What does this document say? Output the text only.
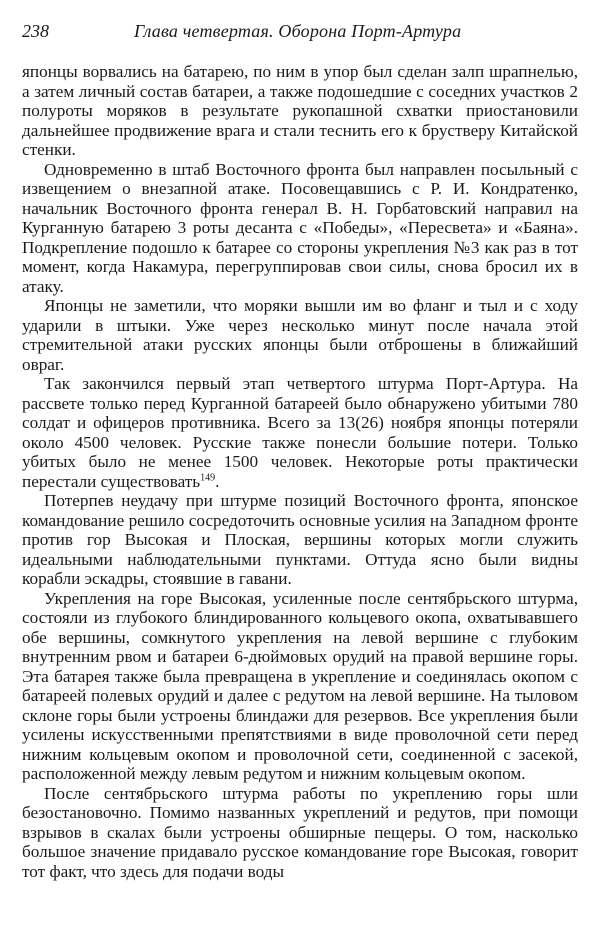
238	Глава четвертая. Оборона Порт-Артура

японцы ворвались на батарею, по ним в упор был сделан залп шрапнелью, а затем личный состав батареи, а также подошедшие с соседних участков 2 полуроты моряков в результате рукопашной схватки приостановили дальнейшее продвижение врага и стали теснить его к брустверу Китайской стенки.

Одновременно в штаб Восточного фронта был направлен посыльный с извещением о внезапной атаке. Посовещавшись с Р. И. Кондратенко, начальник Восточного фронта генерал В. Н. Горбатовский направил на Курганную батарею 3 роты десанта с «Победы», «Пересвета» и «Баяна». Подкрепление подошло к батарее со стороны укрепления №3 как раз в тот момент, когда Накамура, перегруппировав свои силы, снова бросил их в атаку.

Японцы не заметили, что моряки вышли им во фланг и тыл и с ходу ударили в штыки. Уже через несколько минут после начала этой стремительной атаки русских японцы были отброшены в ближайший овраг.

Так закончился первый этап четвертого штурма Порт-Артура. На рассвете только перед Курганной батареей было обнаружено убитыми 780 солдат и офицеров противника. Всего за 13(26) ноября японцы потеряли около 4500 человек. Русские также понесли большие потери. Только убитых было не менее 1500 человек. Некоторые роты практически перестали существовать$^{149}$.

Потерпев неудачу при штурме позиций Восточного фронта, японское командование решило сосредоточить основные усилия на Западном фронте против гор Высокая и Плоская, вершины которых могли служить идеальными наблюдательными пунктами. Оттуда ясно были видны корабли эскадры, стоявшие в гавани.

Укрепления на горе Высокая, усиленные после сентябрьского штурма, состояли из глубокого блиндированного кольцевого окопа, охватывавшего обе вершины, сомкнутого укрепления на левой вершине с глубоким внутренним рвом и батареи 6-дюймовых орудий на правой вершине горы. Эта батарея также была превращена в укрепление и соединялась окопом с батареей полевых орудий и далее с редутом на левой вершине. На тыловом склоне горы были устроены блиндажи для резервов. Все укрепления были усилены искусственными препятствиями в виде проволочной сети перед нижним кольцевым окопом и проволочной сети, соединенной с засекой, расположенной между левым редутом и нижним кольцевым окопом.

После сентябрьского штурма работы по укреплению горы шли безостановочно. Помимо названных укреплений и редутов, при помощи взрывов в скалах были устроены обширные пещеры. О том, насколько большое значение придавало русское командование горе Высокая, говорит тот факт, что здесь для подачи воды
